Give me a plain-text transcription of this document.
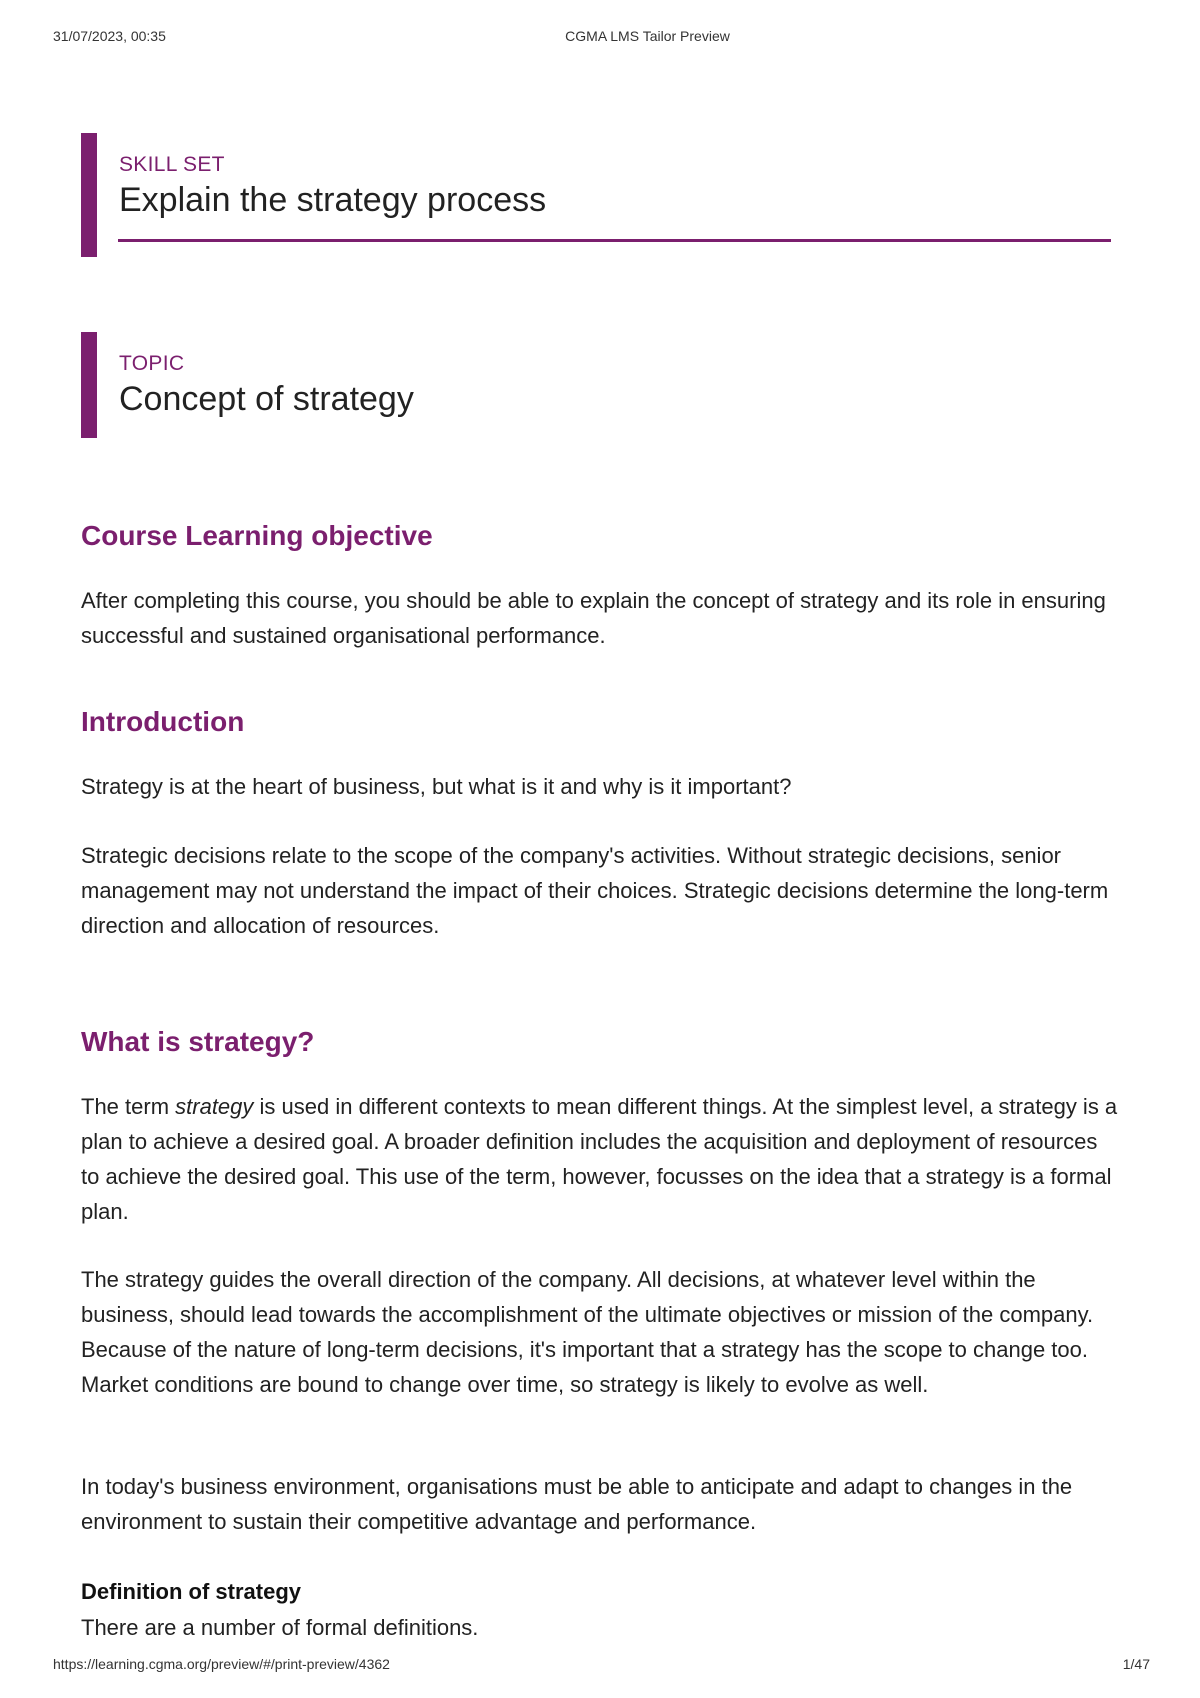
31/07/2023, 00:35	CGMA LMS Tailor Preview
SKILL SET
Explain the strategy process
TOPIC
Concept of strategy
Course Learning objective

After completing this course, you should be able to explain the concept of strategy and its role in ensuring successful and sustained organisational performance.

Introduction

Strategy is at the heart of business, but what is it and why is it important?

Strategic decisions relate to the scope of the company's activities. Without strategic decisions, senior management may not understand the impact of their choices. Strategic decisions determine the long-term direction and allocation of resources.

What is strategy?

The term strategy is used in different contexts to mean different things. At the simplest level, a strategy is a plan to achieve a desired goal. A broader definition includes the acquisition and deployment of resources to achieve the desired goal. This use of the term, however, focusses on the idea that a strategy is a formal plan.

The strategy guides the overall direction of the company. All decisions, at whatever level within the business, should lead towards the accomplishment of the ultimate objectives or mission of the company. Because of the nature of long-term decisions, it's important that a strategy has the scope to change too. Market conditions are bound to change over time, so strategy is likely to evolve as well.

In today's business environment, organisations must be able to anticipate and adapt to changes in the environment to sustain their competitive advantage and performance.

Definition of strategy

There are a number of formal definitions.

https://learning.cgma.org/preview/#/print-preview/4362	1/47
